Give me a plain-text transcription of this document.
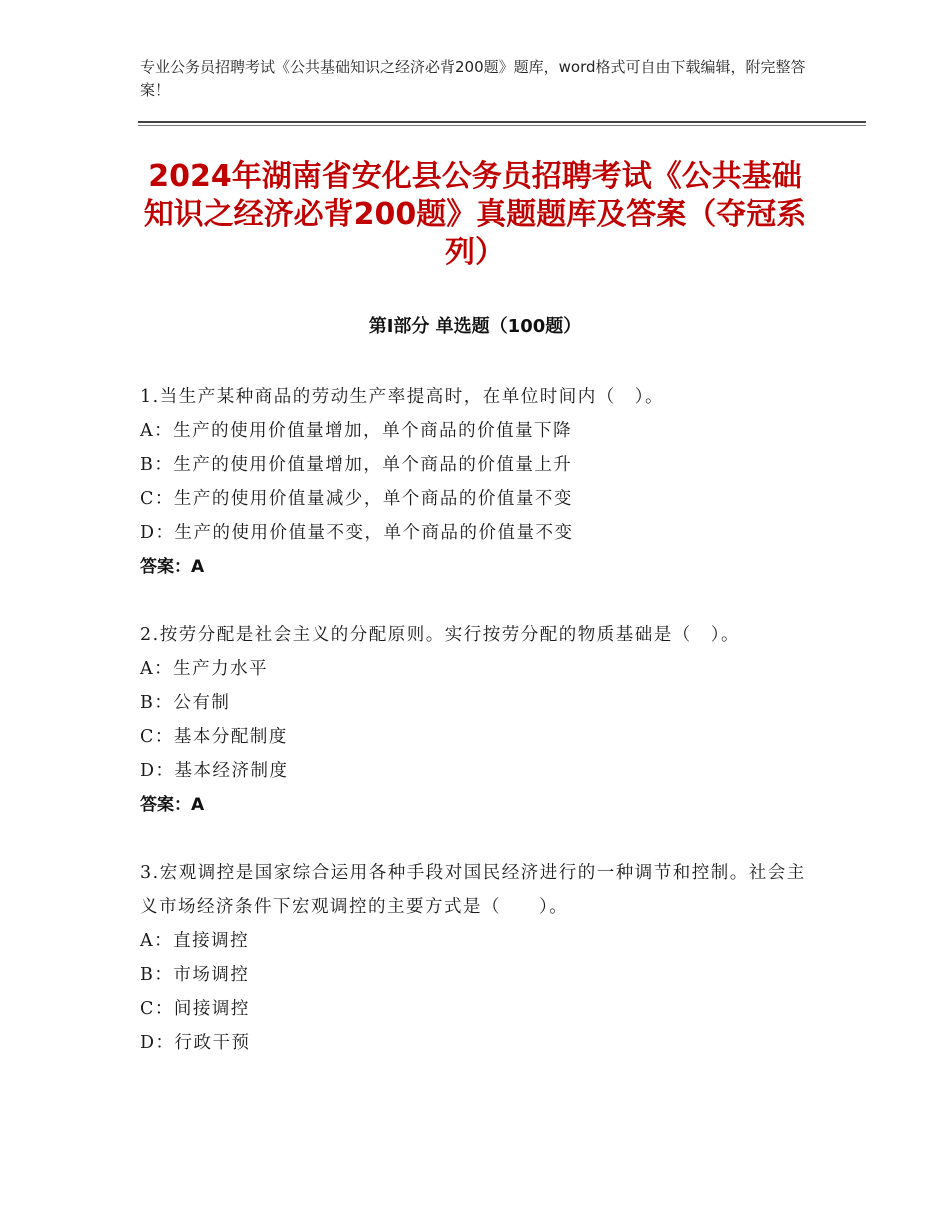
专业公务员招聘考试《公共基础知识之经济必背200题》题库，word格式可自由下载编辑，附完整答案！
2024年湖南省安化县公务员招聘考试《公共基础知识之经济必背200题》真题题库及答案（夺冠系列）
第Ⅰ部分 单选题（100题）
1.当生产某种商品的劳动生产率提高时，在单位时间内（　）。
A：生产的使用价值量增加，单个商品的价值量下降
B：生产的使用价值量增加，单个商品的价值量上升
C：生产的使用价值量减少，单个商品的价值量不变
D：生产的使用价值量不变，单个商品的价值量不变
答案：A
2.按劳分配是社会主义的分配原则。实行按劳分配的物质基础是（　）。
A：生产力水平
B：公有制
C：基本分配制度
D：基本经济制度
答案：A
3.宏观调控是国家综合运用各种手段对国民经济进行的一种调节和控制。社会主义市场经济条件下宏观调控的主要方式是（　　）。
A：直接调控
B：市场调控
C：间接调控
D：行政干预
